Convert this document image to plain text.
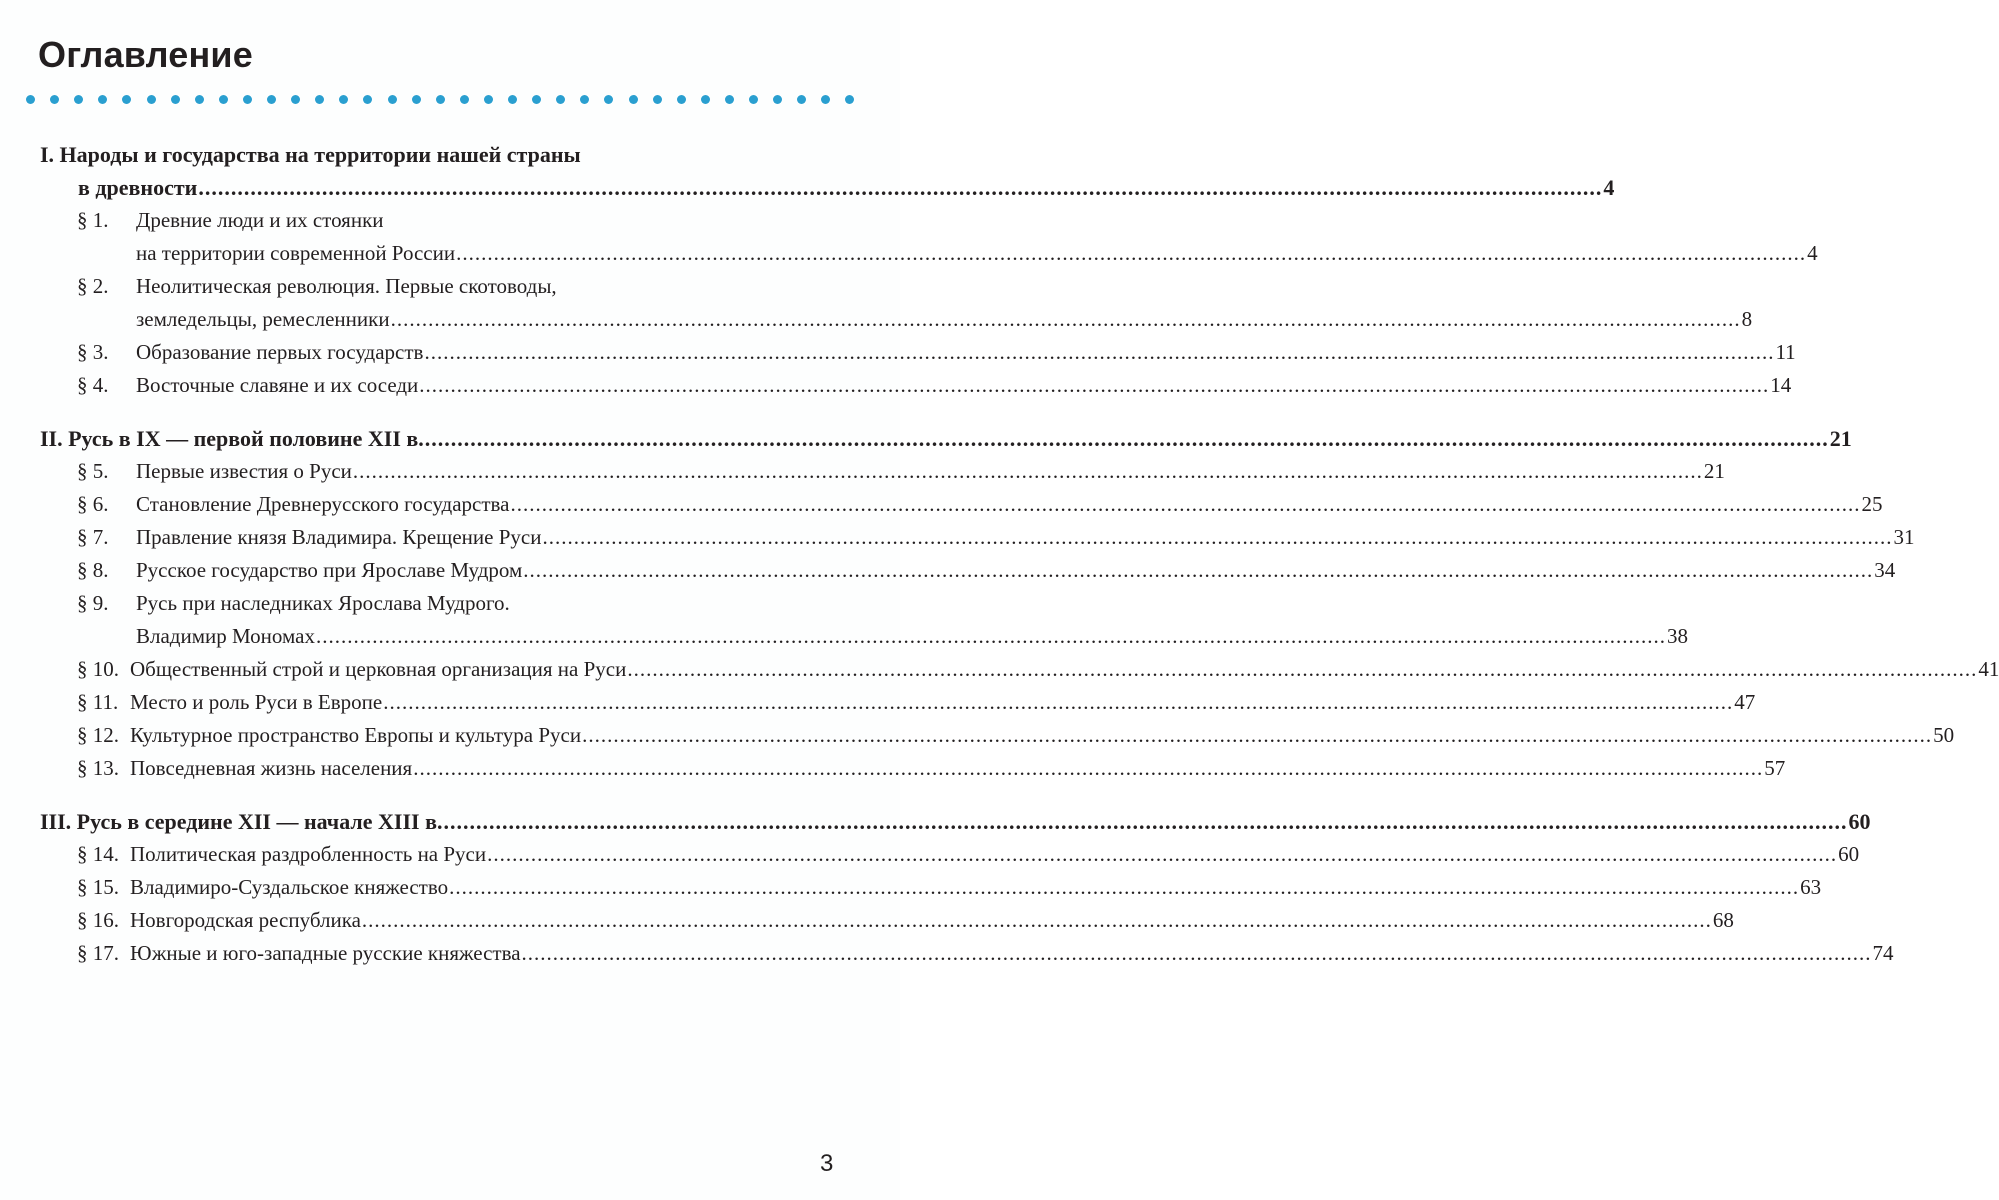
Оглавление
I. Народы и государства на территории нашей страны
в древности .....	4
§ 1.	Древние люди и их стоянки
на территории современной России .....	4
§ 2.	Неолитическая революция. Первые скотоводы,
земледельцы, ремесленники .....	8
§ 3.	Образование первых государств .....	11
§ 4.	Восточные славяне и их соседи .....	14
II. Русь в IX — первой половине XII в. .....	21
§ 5.	Первые известия о Руси .....	21
§ 6.	Становление Древнерусского государства .....	25
§ 7.	Правление князя Владимира. Крещение Руси .....	31
§ 8.	Русское государство при Ярославе Мудром .....	34
§ 9.	Русь при наследниках Ярослава Мудрого.
Владимир Мономах .....	38
§ 10. Общественный строй и церковная организация на Руси .....	41
§ 11. Место и роль Руси в Европе .....	47
§ 12. Культурное пространство Европы и культура Руси .....	50
§ 13. Повседневная жизнь населения .....	57
III. Русь в середине XII — начале XIII в. .....	60
§ 14. Политическая раздробленность на Руси .....	60
§ 15. Владимиро-Суздальское княжество .....	63
§ 16. Новгородская республика .....	68
§ 17. Южные и юго-западные русские княжества .....	74
3
